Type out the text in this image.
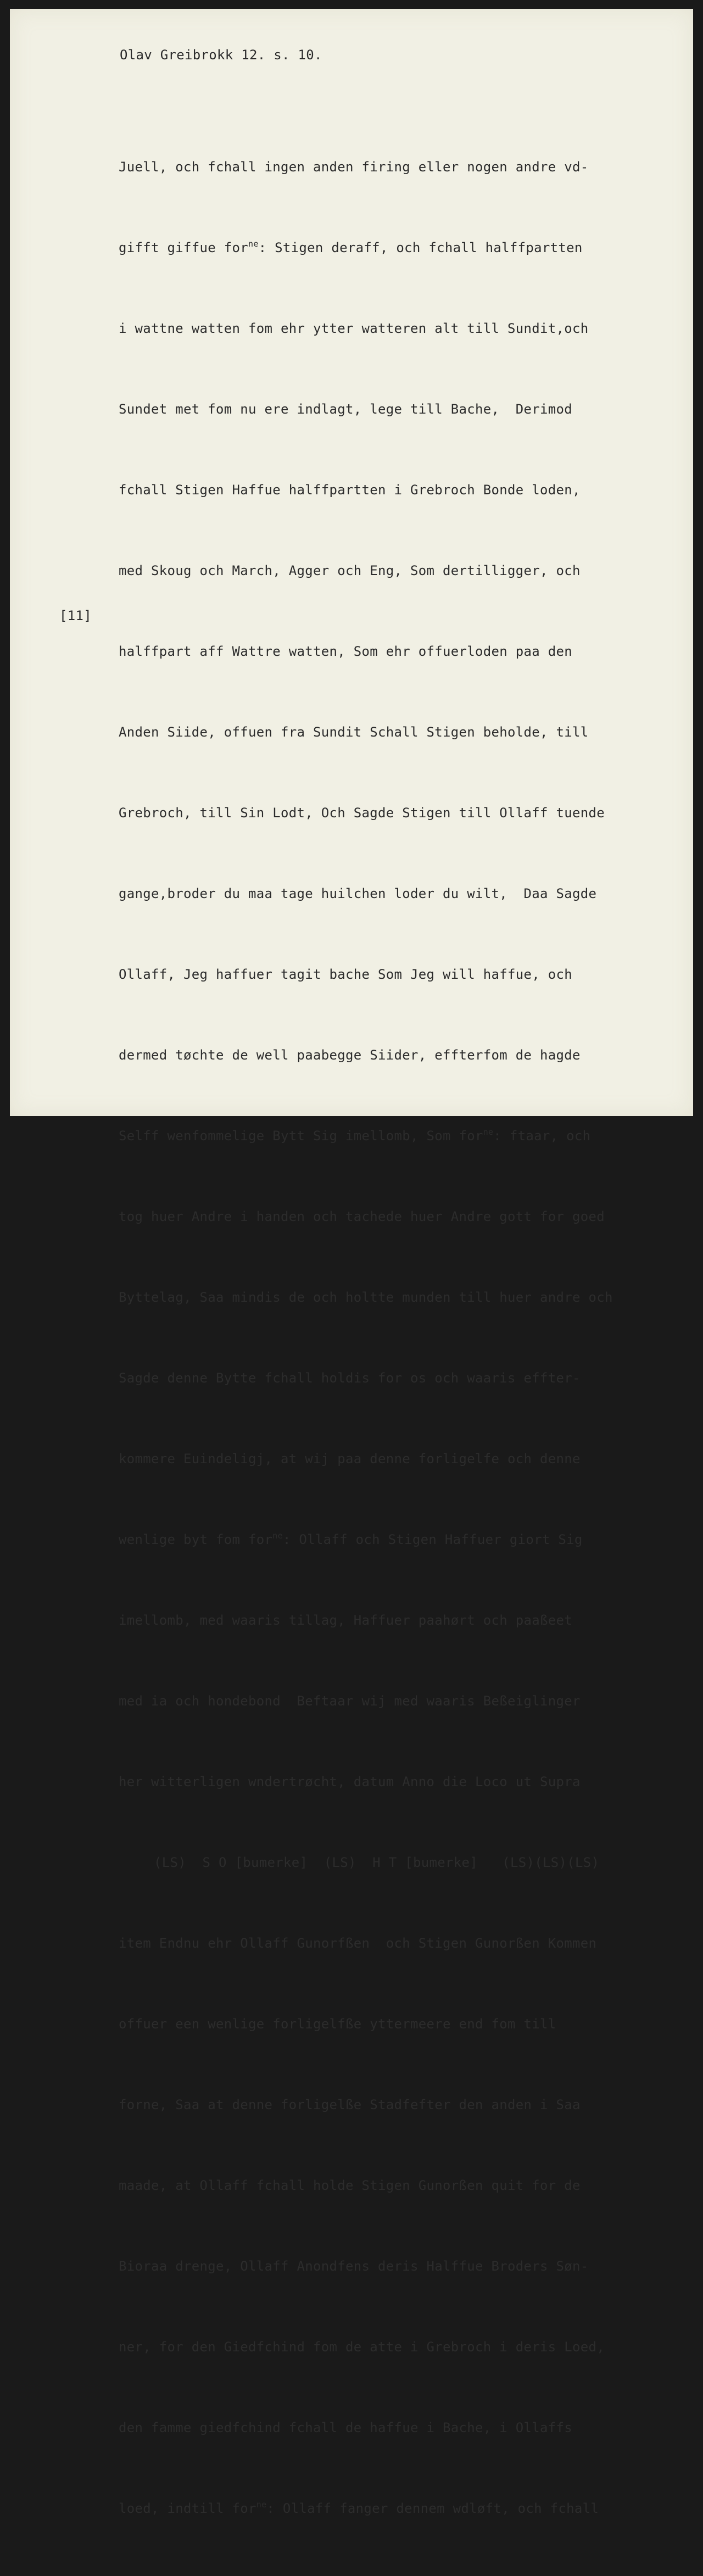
Olav Greibrokk 12. s. 10.
[11]

Juell, och fchall ingen anden firing eller nogen andre vd-

gifft giffue for$^{ne}$: Stigen deraff, och fchall halffpartten

i wattne watten fom ehr ytter watteren alt till Sundit,och

Sundet met fom nu ere indlagt, lege till Bache,  Derimod

fchall Stigen Haffue halffpartten i Grebroch Bonde loden,

med Skoug och March, Agger och Eng, Som dertilligger, och

halffpart aff Wattre watten, Som ehr offuerloden paa den

Anden Siide, offuen fra Sundit Schall Stigen beholde, till

Grebroch, till Sin Lodt, Och Sagde Stigen till Ollaff tuende

gange,broder du maa tage huilchen loder du wilt,  Daa Sagde

Ollaff, Jeg haffuer tagit bache Som Jeg will haffue, och

dermed tøchte de well paabegge Siider, effterfom de hagde

Selff wenfommelige Bytt Sig imellomb, Som for$^{ne}$: ftaar, och

tog huer Andre i handen och tachede huer Andre gott for goed

Byttelag, Saa mindis de och holtte munden till huer andre och

Sagde denne Bytte fchall holdis for os och waaris effter-

kommere Euindeligj, at wij paa denne forligelfe och denne

wenlige byt fom for$^{ne}$: Ollaff och Stigen Haffuer giort Sig

imellomb, med waaris tillag, Haffuer paahørt och paaßeet

med ia och hondebond  Beftaar wij med waaris Beßeiglinger

her witterligen wndertrøcht, datum Anno die Loco ut Supra

(LS)  S O [bumerke]  (LS)  H T [bumerke]   (LS)(LS)(LS)

item Endnu ehr Ollaff Gunorfßen  och Stigen Gunorßen Kommen

offuer een wenlige forligelfße yttermeere end fom till

forne, Saa at denne forligelße Stadfefter den anden i Saa

maade, at Ollaff fchall holde Stigen Gunorßen quit for de

Bioraa drenge, Ollaff Anondfens deris Halffue Broders Søn-

ner, for den Giedfchind fom de atte i Grebroch i deris Loed,

den famme giedfchind fchall de haffue i Bache, i Ollaffs

loed, indtill for$^{ne}$: Ollaff fanger dennem wdløft, och fchall
